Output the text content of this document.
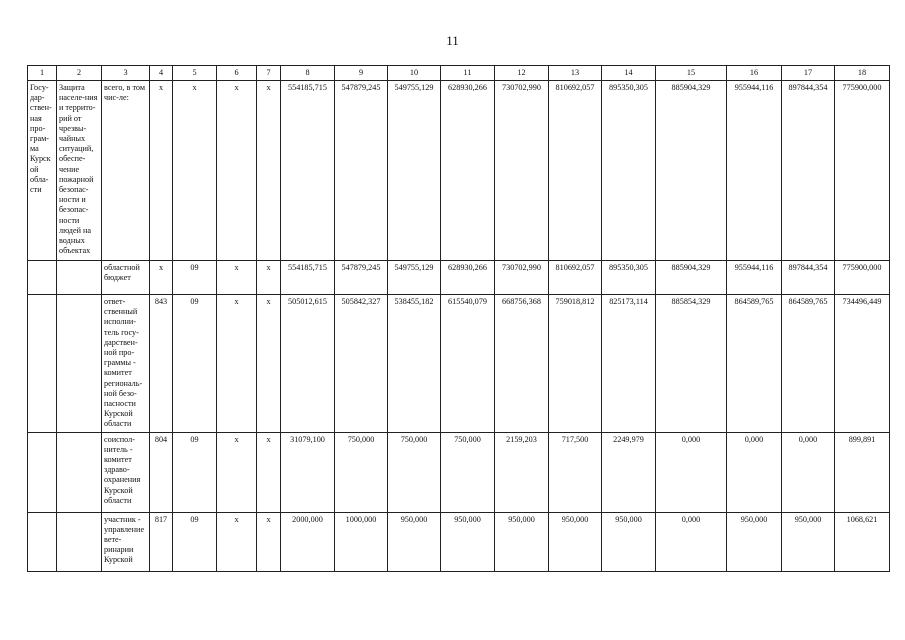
11
1	2	3	4	5	6	7	8	9	10	11	12	13	14	15	16	17	18
Госу-дар-ствен-ная про-грам-ма Курской обла-сти	Защита населе-ния и террито-рий от чрезвы-чайных ситуаций, обеспе-чение пожарной безопас-ности и безопас-ности людей на водных объектах	всего, в том чис-ле:	х	х	х	х	554185,715	547879,245	549755,129	628930,266	730702,990	810692,057	895350,305	885904,329	955944,116	897844,354	775900,000
		областной бюджет	х	09	х	х	554185,715	547879,245	549755,129	628930,266	730702,990	810692,057	895350,305	885904,329	955944,116	897844,354	775900,000
		ответ-ственный исполни-тель госу-дарствен-ной про-граммы - комитет региональ-ной безо-пасности Курской области	843	09	х	х	505012,615	505842,327	538455,182	615540,079	668756,368	759018,812	825173,114	885854,329	864589,765	864589,765	734496,449
		соиспол-нитель - комитет здраво-охранения Курской области	804	09	х	х	31079,100	750,000	750,000	750,000	2159,203	717,500	2249,979	0,000	0,000	0,000	899,891
		участник - управление вете-ринарии Курской	817	09	х	х	2000,000	1000,000	950,000	950,000	950,000	950,000	950,000	0,000	950,000	950,000	1068,621
